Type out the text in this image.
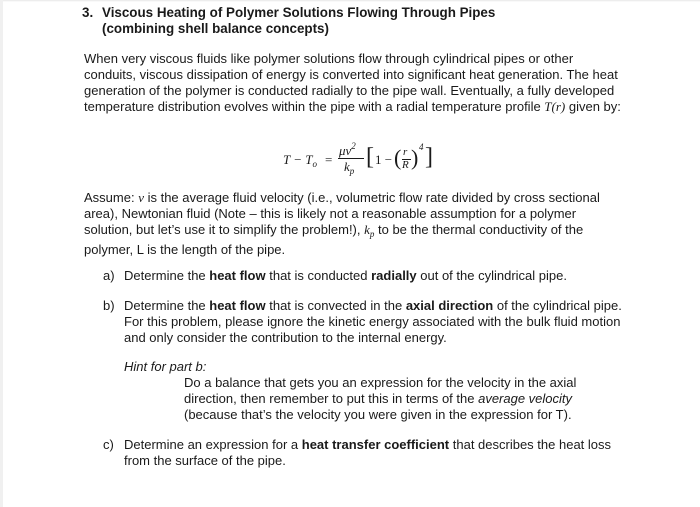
3. Viscous Heating of Polymer Solutions Flowing Through Pipes
(combining shell balance concepts)

When very viscous fluids like polymer solutions flow through cylindrical pipes or other conduits, viscous dissipation of energy is converted into significant heat generation. The heat generation of the polymer is conducted radially to the pipe wall. Eventually, a fully developed temperature distribution evolves within the pipe with a radial temperature profile T(r) given by:

$T - T_o$ =
$\mu v^2$
$k_p$
[ 1 − ( r
R ) 4 ]

Assume: v is the average fluid velocity (i.e., volumetric flow rate divided by cross sectional area), Newtonian fluid (Note – this is likely not a reasonable assumption for a polymer solution, but let’s use it to simplify the problem!), $k_p$ to be the thermal conductivity of the polymer, L is the length of the pipe.

a) Determine the heat flow that is conducted radially out of the cylindrical pipe.
b) Determine the heat flow that is convected in the axial direction of the cylindrical pipe. For this problem, please ignore the kinetic energy associated with the bulk fluid motion and only consider the contribution to the internal energy.
Hint for part b:
Do a balance that gets you an expression for the velocity in the axial direction, then remember to put this in terms of the average velocity (because that’s the velocity you were given in the expression for T).
c) Determine an expression for a heat transfer coefficient that describes the heat loss from the surface of the pipe.
